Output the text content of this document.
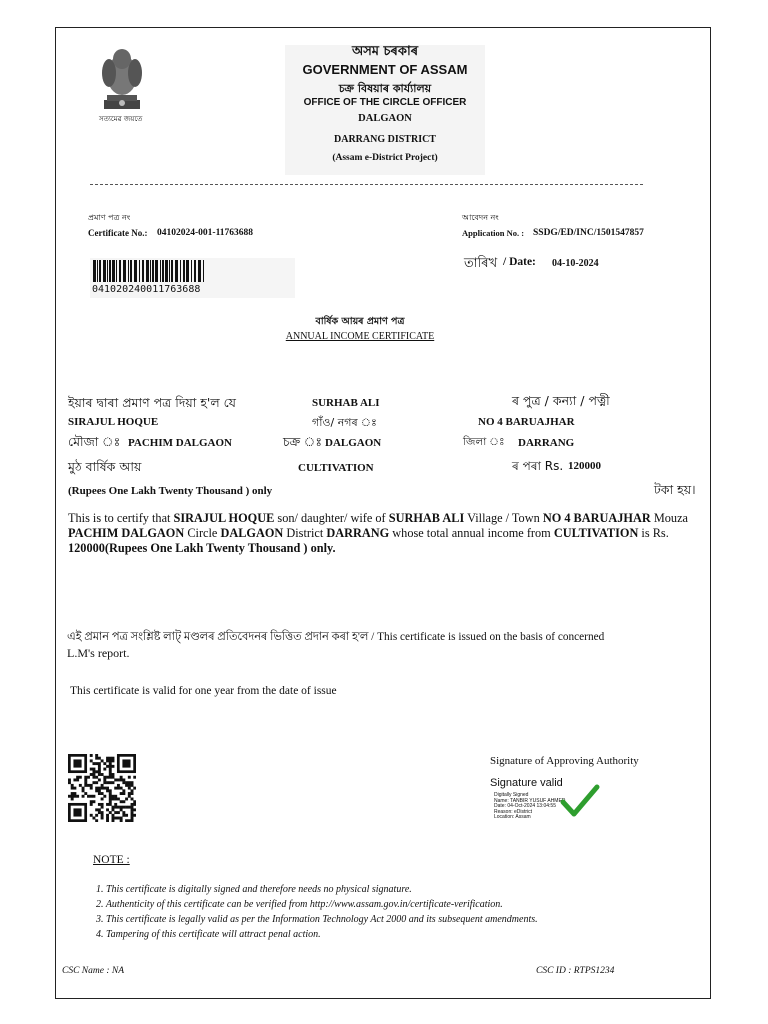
সত্যমেৱ জয়তে
অসম চৰকাৰ
GOVERNMENT OF ASSAM
চক্ৰ বিষয়াৰ কাৰ্য্যালয়
OFFICE OF THE CIRCLE OFFICER
DALGAON
DARRANG DISTRICT
(Assam e-District Project)
প্ৰমাণ পত্ৰ নং
Certificate No.: 04102024-001-11763688
আবেদন নং
Application No. : SSDG/ED/INC/1501547857
041020240011763688
তাৰিখ / Date: 04-10-2024
বাৰ্ষিক আয়ৰ প্ৰমাণ পত্ৰ
ANNUAL INCOME CERTIFICATE
ইয়াৰ দ্বাৰা প্ৰমাণ পত্ৰ দিয়া হ'ল যে	SURHAB ALI	ৰ পুত্ৰ / কন্যা / পত্নী
SIRAJUL HOQUE	গাঁও/ নগৰ ঃ	NO 4 BARUAJHAR
মৌজা ঃ PACHIM DALGAON	চক্ৰ ঃ DALGAON	জিলা ঃ DARRANG
মুঠ বাৰ্ষিক আয়	CULTIVATION	ৰ পৰা Rs. 120000
(Rupees One Lakh Twenty Thousand ) only	টকা হয়।
This is to certify that SIRAJUL HOQUE son/ daughter/ wife of SURHAB ALI Village / Town NO 4 BARUAJHAR Mouza PACHIM DALGAON Circle DALGAON District DARRANG whose total annual income from CULTIVATION is Rs. 120000(Rupees One Lakh Twenty Thousand ) only.
এই প্ৰমান পত্ৰ সংশ্লিষ্ট লাট্‌ মণ্ডলৰ প্ৰতিবেদনৰ ভিত্তিত প্ৰদান কৰা হ'ল / This certificate is issued on the basis of concerned
L.M's report.
This certificate is valid for one year from the date of issue
Signature of Approving Authority
Signature valid
Digitally Signed
Name: TANBIR YUSUF AHMED
Date: 04-Oct-2024 13:04:55
Reason: eDistrict
Location: Assam
NOTE :
1. This certificate is digitally signed and therefore needs no physical signature.
2. Authenticity of this certificate can be verified from http://www.assam.gov.in/certificate-verification.
3. This certificate is legally valid as per the Information Technology Act 2000 and its subsequent amendments.
4. Tampering of this certificate will attract penal action.
CSC Name : NA	CSC ID : RTPS1234
